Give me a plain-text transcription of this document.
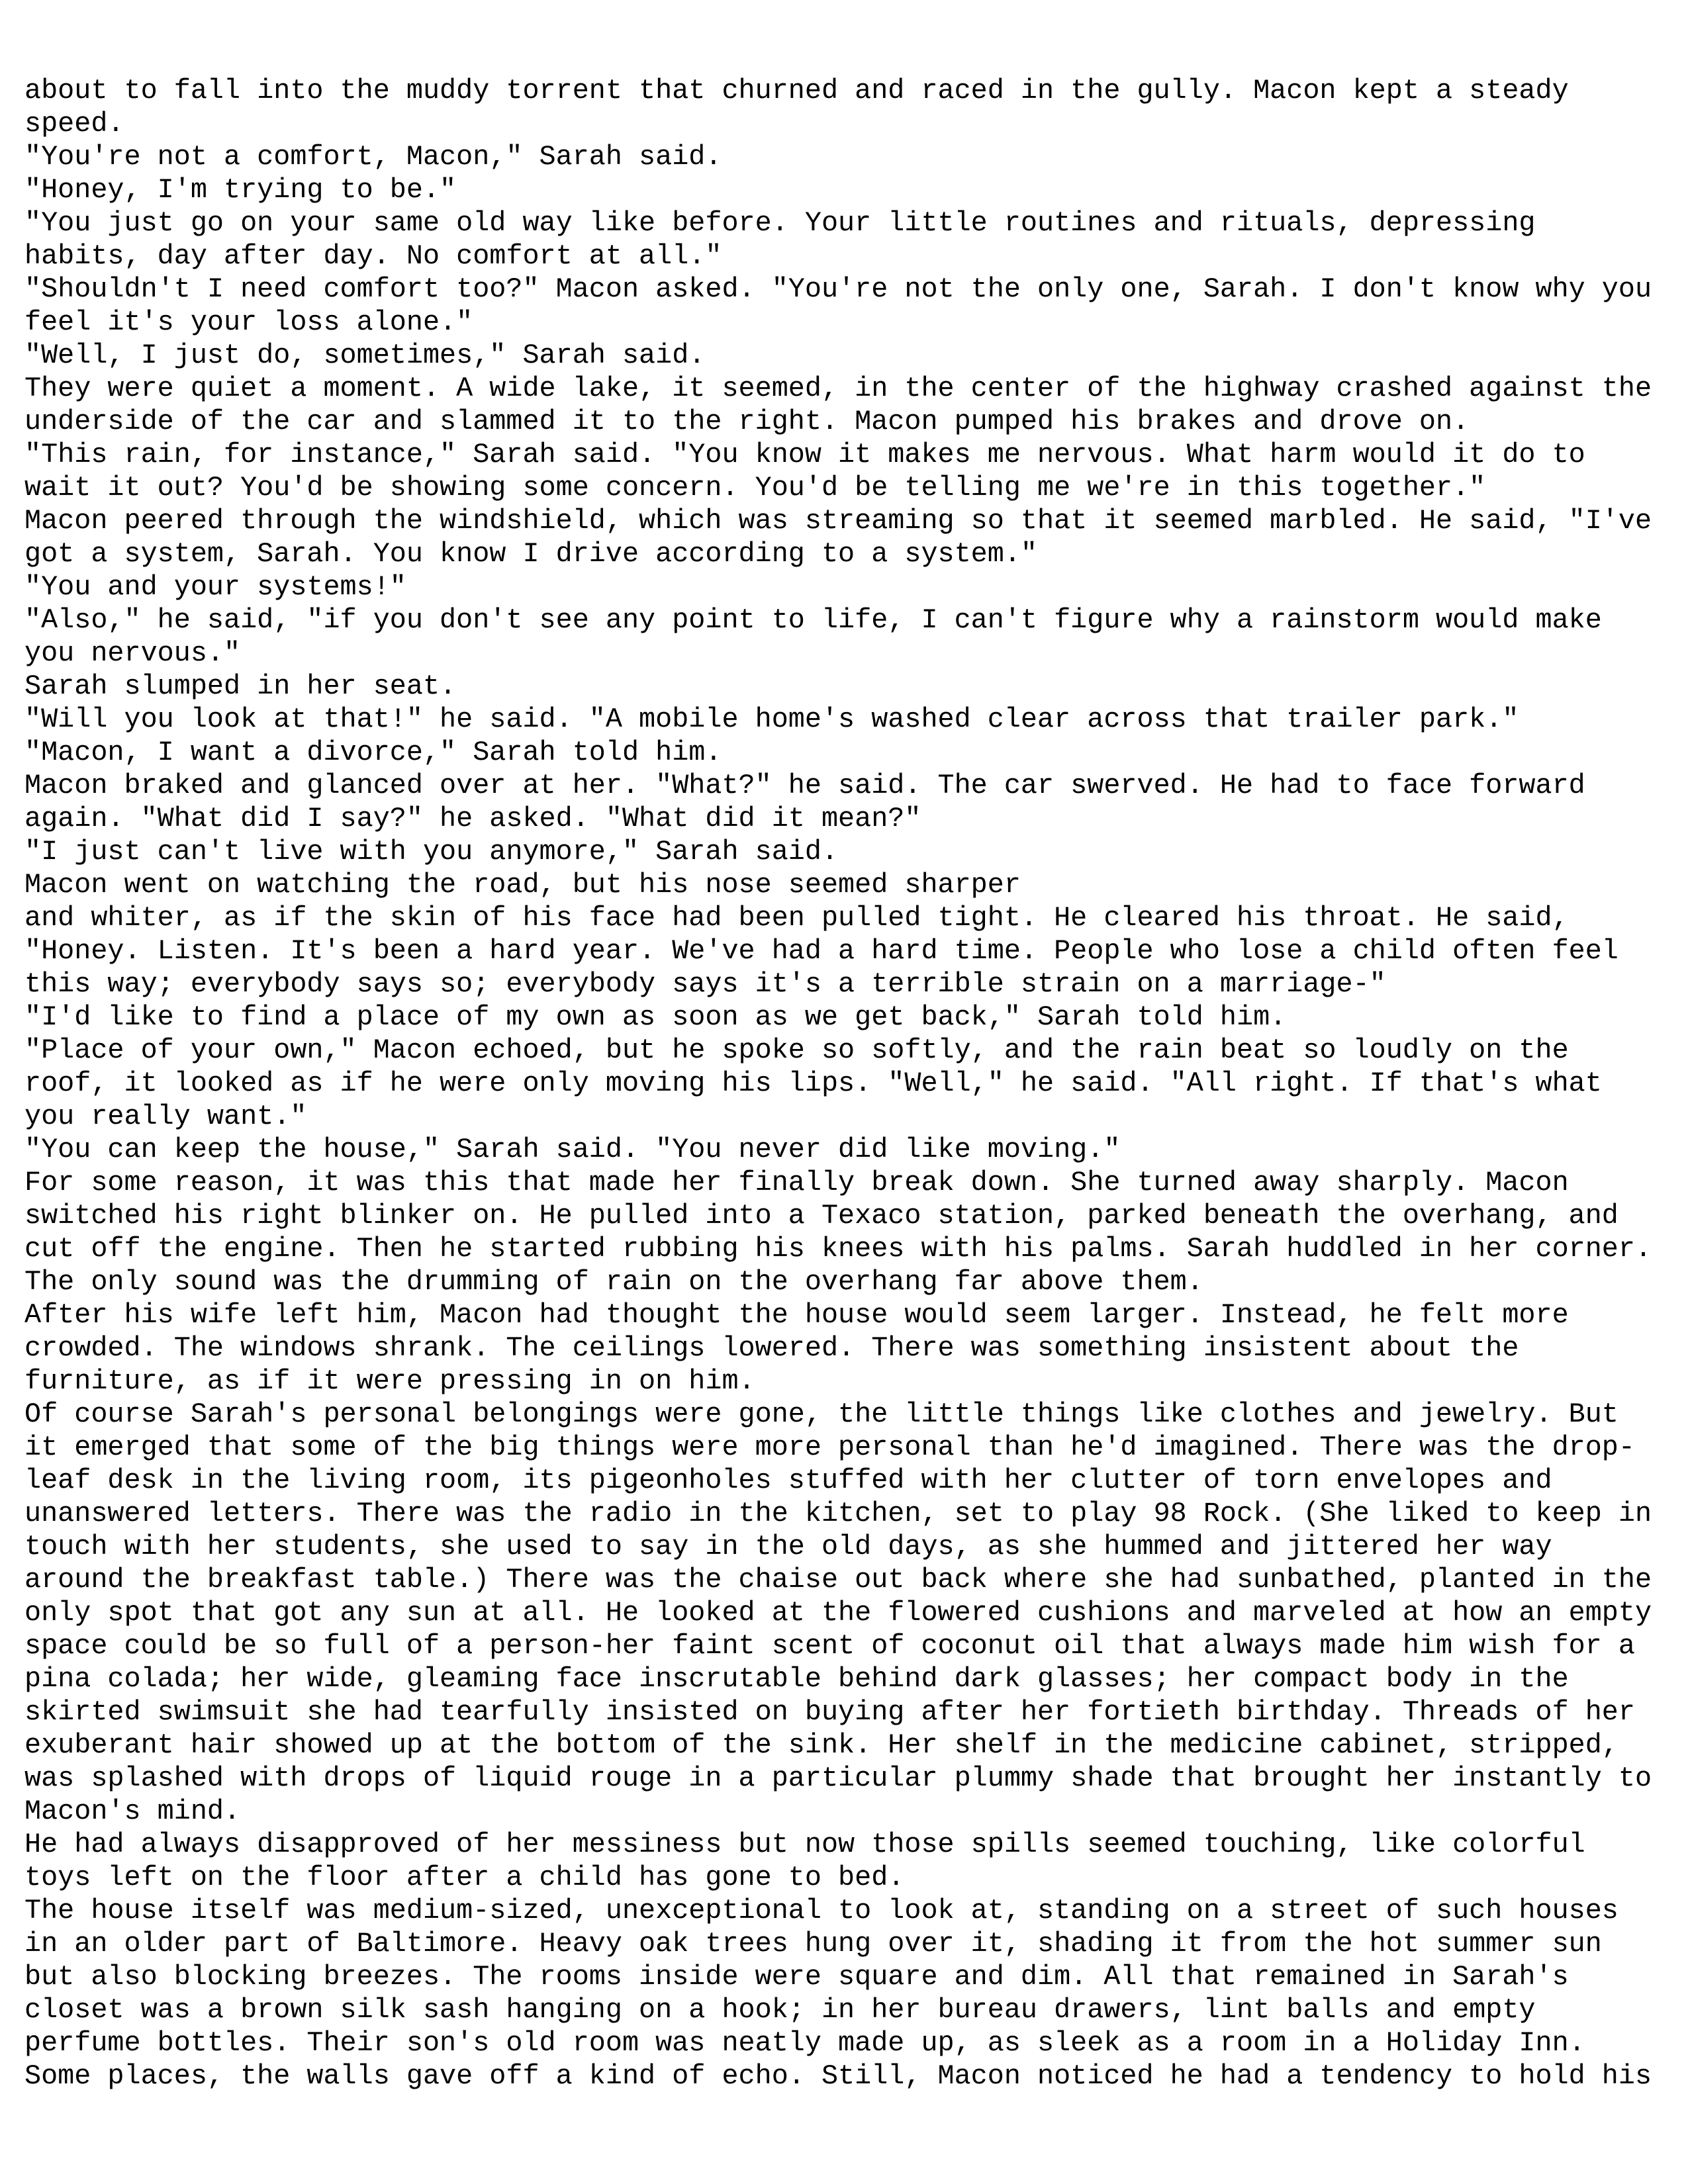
about to fall into the muddy torrent that churned and raced in the gully. Macon kept a steady
speed.
"You're not a comfort, Macon," Sarah said.
"Honey, I'm trying to be."
"You just go on your same old way like before. Your little routines and rituals, depressing
habits, day after day. No comfort at all."
"Shouldn't I need comfort too?" Macon asked. "You're not the only one, Sarah. I don't know why you
feel it's your loss alone."
"Well, I just do, sometimes," Sarah said.
They were quiet a moment. A wide lake, it seemed, in the center of the highway crashed against the
underside of the car and slammed it to the right. Macon pumped his brakes and drove on.
"This rain, for instance," Sarah said. "You know it makes me nervous. What harm would it do to
wait it out? You'd be showing some concern. You'd be telling me we're in this together."
Macon peered through the windshield, which was streaming so that it seemed marbled. He said, "I've
got a system, Sarah. You know I drive according to a system."
"You and your systems!"
"Also," he said, "if you don't see any point to life, I can't figure why a rainstorm would make
you nervous."
Sarah slumped in her seat.
"Will you look at that!" he said. "A mobile home's washed clear across that trailer park."
"Macon, I want a divorce," Sarah told him.
Macon braked and glanced over at her. "What?" he said. The car swerved. He had to face forward
again. "What did I say?" he asked. "What did it mean?"
"I just can't live with you anymore," Sarah said.
Macon went on watching the road, but his nose seemed sharper
and whiter, as if the skin of his face had been pulled tight. He cleared his throat. He said,
"Honey. Listen. It's been a hard year. We've had a hard time. People who lose a child often feel
this way; everybody says so; everybody says it's a terrible strain on a marriage-"
"I'd like to find a place of my own as soon as we get back," Sarah told him.
"Place of your own," Macon echoed, but he spoke so softly, and the rain beat so loudly on the
roof, it looked as if he were only moving his lips. "Well," he said. "All right. If that's what
you really want."
"You can keep the house," Sarah said. "You never did like moving."
For some reason, it was this that made her finally break down. She turned away sharply. Macon
switched his right blinker on. He pulled into a Texaco station, parked beneath the overhang, and
cut off the engine. Then he started rubbing his knees with his palms. Sarah huddled in her corner.
The only sound was the drumming of rain on the overhang far above them.
After his wife left him, Macon had thought the house would seem larger. Instead, he felt more
crowded. The windows shrank. The ceilings lowered. There was something insistent about the
furniture, as if it were pressing in on him.
Of course Sarah's personal belongings were gone, the little things like clothes and jewelry. But
it emerged that some of the big things were more personal than he'd imagined. There was the drop-
leaf desk in the living room, its pigeonholes stuffed with her clutter of torn envelopes and
unanswered letters. There was the radio in the kitchen, set to play 98 Rock. (She liked to keep in
touch with her students, she used to say in the old days, as she hummed and jittered her way
around the breakfast table.) There was the chaise out back where she had sunbathed, planted in the
only spot that got any sun at all. He looked at the flowered cushions and marveled at how an empty
space could be so full of a person-her faint scent of coconut oil that always made him wish for a
pina colada; her wide, gleaming face inscrutable behind dark glasses; her compact body in the
skirted swimsuit she had tearfully insisted on buying after her fortieth birthday. Threads of her
exuberant hair showed up at the bottom of the sink. Her shelf in the medicine cabinet, stripped,
was splashed with drops of liquid rouge in a particular plummy shade that brought her instantly to
Macon's mind.
He had always disapproved of her messiness but now those spills seemed touching, like colorful
toys left on the floor after a child has gone to bed.
The house itself was medium-sized, unexceptional to look at, standing on a street of such houses
in an older part of Baltimore. Heavy oak trees hung over it, shading it from the hot summer sun
but also blocking breezes. The rooms inside were square and dim. All that remained in Sarah's
closet was a brown silk sash hanging on a hook; in her bureau drawers, lint balls and empty
perfume bottles. Their son's old room was neatly made up, as sleek as a room in a Holiday Inn.
Some places, the walls gave off a kind of echo. Still, Macon noticed he had a tendency to hold his
